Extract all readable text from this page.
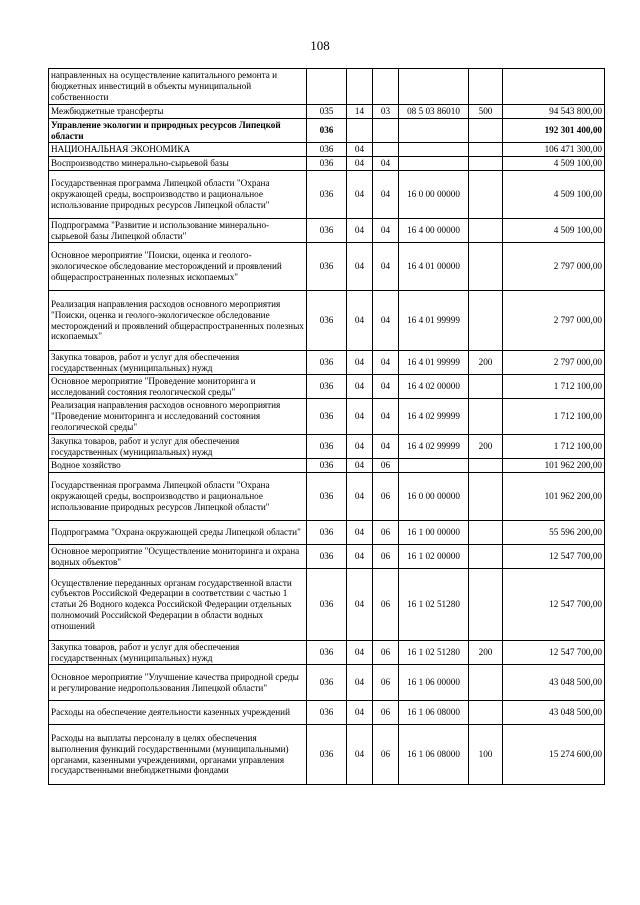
108
направленных на осуществление капитального ремонта и бюджетных инвестиций в объекты муниципальной собственности						
Межбюджетные трансферты	035	14	03	08 5 03 86010	500	94 543 800,00
Управление экологии и природных ресурсов Липецкой области	036					192 301 400,00
НАЦИОНАЛЬНАЯ ЭКОНОМИКА	036	04				106 471 300,00
Воспроизводство минерально-сырьевой базы	036	04	04			4 509 100,00
Государственная программа Липецкой области "Охрана окружающей среды, воспроизводство и рациональное использование природных ресурсов Липецкой области"	036	04	04	16 0 00 00000		4 509 100,00
Подпрограмма "Развитие и использование минерально-сырьевой базы Липецкой области"	036	04	04	16 4 00 00000		4 509 100,00
Основное мероприятие "Поиски, оценка и геолого-экологическое обследование месторождений и проявлений общераспространенных полезных ископаемых"	036	04	04	16 4 01 00000		2 797 000,00
Реализация направления расходов основного мероприятия "Поиски, оценка и геолого-экологическое обследование месторождений и проявлений общераспространенных полезных ископаемых"	036	04	04	16 4 01 99999		2 797 000,00
Закупка товаров, работ и услуг для обеспечения государственных (муниципальных) нужд	036	04	04	16 4 01 99999	200	2 797 000,00
Основное мероприятие "Проведение мониторинга и исследований состояния геологической среды"	036	04	04	16 4 02 00000		1 712 100,00
Реализация направления расходов основного мероприятия "Проведение мониторинга и исследований состояния геологической среды"	036	04	04	16 4 02 99999		1 712 100,00
Закупка товаров, работ и услуг для обеспечения государственных (муниципальных) нужд	036	04	04	16 4 02 99999	200	1 712 100,00
Водное хозяйство	036	04	06			101 962 200,00
Государственная программа Липецкой области "Охрана окружающей среды, воспроизводство и рациональное использование природных ресурсов Липецкой области"	036	04	06	16 0 00 00000		101 962 200,00
Подпрограмма "Охрана окружающей среды Липецкой области"	036	04	06	16 1 00 00000		55 596 200,00
Основное мероприятие "Осуществление мониторинга и охрана водных объектов"	036	04	06	16 1 02 00000		12 547 700,00
Осуществление переданных органам государственной власти субъектов Российской Федерации в соответствии с частью 1 статьи 26 Водного кодекса Российской Федерации отдельных полномочий Российской Федерации в области водных отношений	036	04	06	16 1 02 51280		12 547 700,00
Закупка товаров, работ и услуг для обеспечения государственных (муниципальных) нужд	036	04	06	16 1 02 51280	200	12 547 700,00
Основное мероприятие "Улучшение качества природной среды и регулирование недропользования Липецкой области"	036	04	06	16 1 06 00000		43 048 500,00
Расходы на обеспечение деятельности казенных учреждений	036	04	06	16 1 06 08000		43 048 500,00
Расходы на выплаты персоналу в целях обеспечения выполнения функций государственными (муниципальными) органами, казенными учреждениями, органами управления государственными внебюджетными фондами	036	04	06	16 1 06 08000	100	15 274 600,00
